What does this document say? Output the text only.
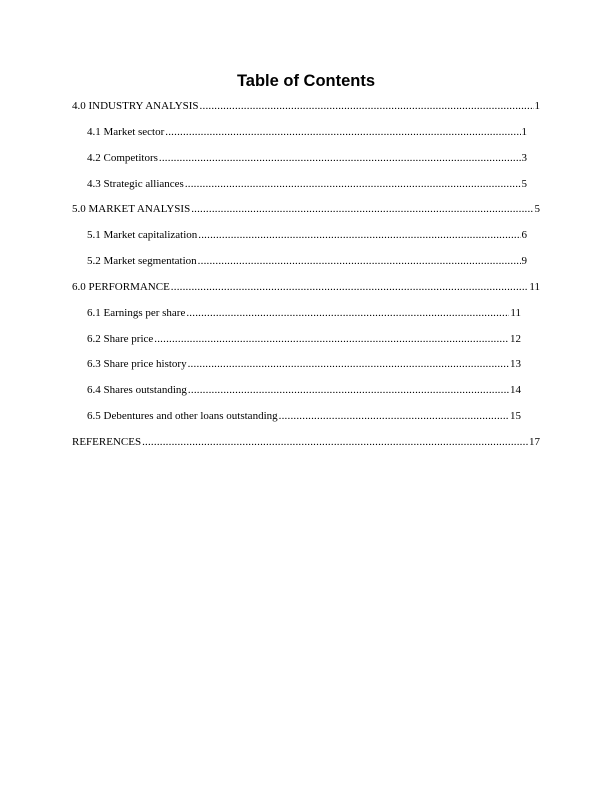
Table of Contents
4.0 INDUSTRY ANALYSIS .....	1
4.1 Market sector .....	1
4.2 Competitors .....	3
4.3 Strategic alliances .....	5
5.0 MARKET ANALYSIS .....	5
5.1 Market capitalization .....	6
5.2 Market segmentation .....	9
6.0 PERFORMANCE .....	11
6.1 Earnings per share .....	11
6.2 Share price .....	12
6.3 Share price history .....	13
6.4 Shares outstanding .....	14
6.5 Debentures and other loans outstanding .....	15
REFERENCES .....	17
